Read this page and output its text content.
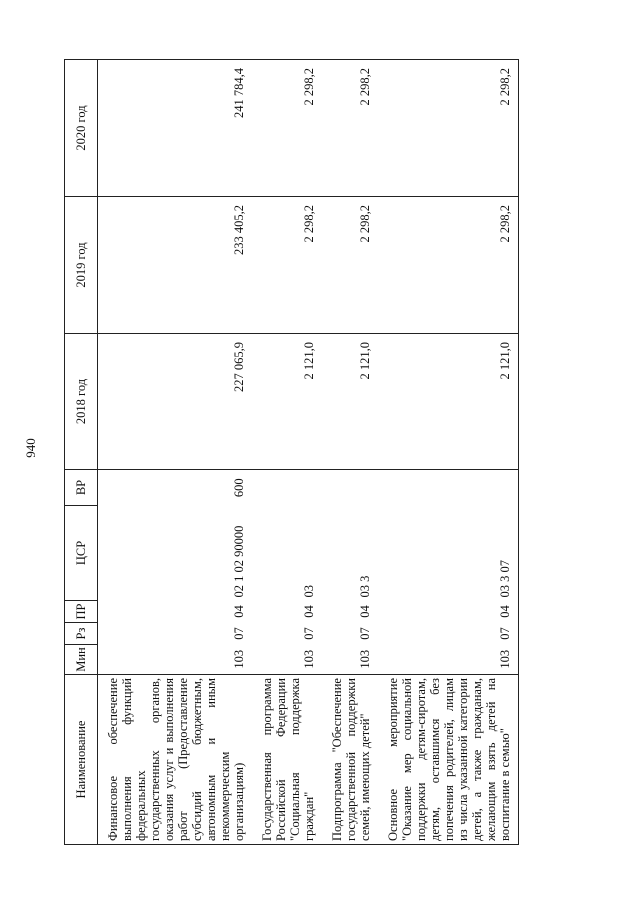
940
Наименование	Мин	Рз	ПР	ЦСР	ВР	2018 год	2019 год	2020 год
Финансовое обеспечение выполнения функций федеральных государственных органов, оказания услуг и выполнения работ (Предоставление субсидий бюджетным, автономным и иным некоммерческим организациям)	103	07	04	02 1 02 90000	600	227 065,9	233 405,2	241 784,4
Государственная программа Российской Федерации "Социальная поддержка граждан"	103	07	04	03		2 121,0	2 298,2	2 298,2
Подпрограмма "Обеспечение государственной поддержки семей, имеющих детей"	103	07	04	03 3		2 121,0	2 298,2	2 298,2
Основное мероприятие "Оказание мер социальной поддержки детям-сиротам, детям, оставшимся без попечения родителей, лицам из числа указанной категории детей, а также гражданам, желающим взять детей на воспитание в семью"	103	07	04	03 3 07		2 121,0	2 298,2	2 298,2
